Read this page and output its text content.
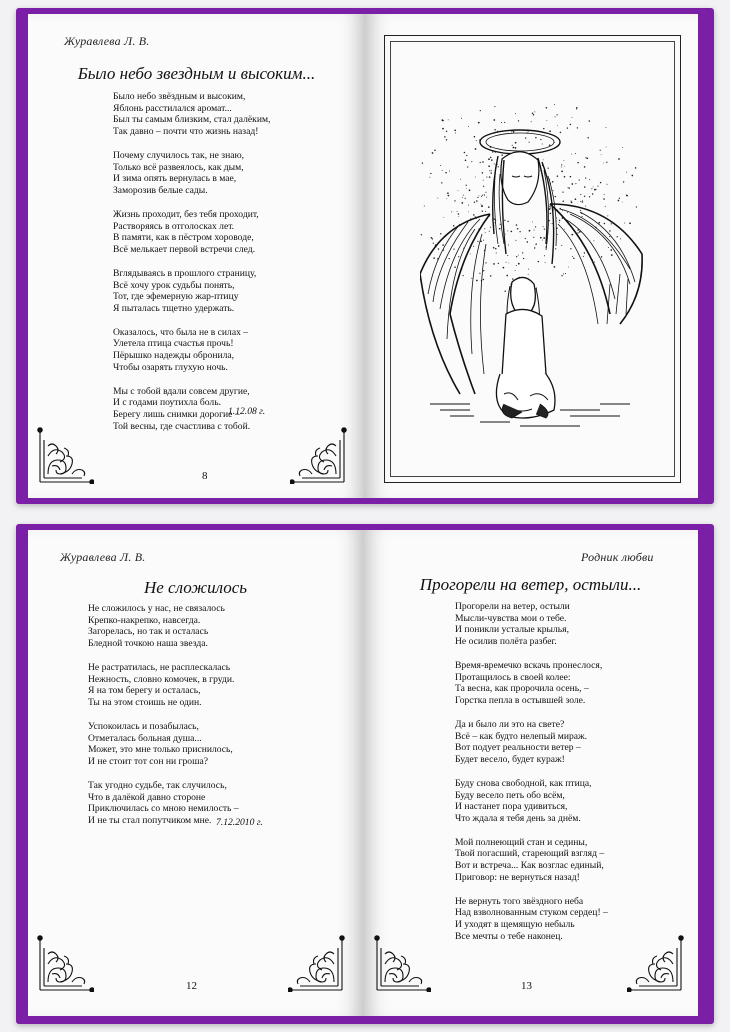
Журавлева Л. В.
Было небо звездным и высоким...
Было небо звёздным и высоким,
Яблонь расстилался аромат...
Был ты самым близким, стал далёким,
Так давно – почти что жизнь назад!
Почему случилось так, не знаю,
Только всё развеялось, как дым,
И зима опять вернулась в мае,
Заморозив белые сады.
Жизнь проходит, без тебя проходит,
Растворяясь в отголосках лет.
В памяти, как в пёстром хороводе,
Всё мелькает первой встречи след.
Вглядываясь в прошлого страницу,
Всё хочу урок судьбы понять,
Тот, где эфемерную жар-птицу
Я пыталась тщетно удержать.
Оказалось, что была не в силах –
Улетела птица счастья прочь!
Пёрышко надежды обронила,
Чтобы озарять глухую ночь.
Мы с тобой вдали совсем другие,
И с годами поутихла боль.
Берегу лишь снимки дорогие –
Той весны, где счастлива с тобой.
1.12.08 г.
8
Журавлева Л. В.
Не сложилось
Не сложилось у нас, не связалось
Крепко-накрепко, навсегда.
Загорелась, но так и осталась
Бледной точкою наша звезда.
Не растратилась, не расплескалась
Нежность, словно комочек, в груди.
Я на том берегу и осталась,
Ты на этом стоишь не один.
Успокоилась и позабылась,
Отметалась больная душа...
Может, это мне только приснилось,
И не стоит тот сон ни гроша?
Так угодно судьбе, так случилось,
Что в далёкой давно стороне
Приключилась со мною немилость –
И не ты стал попутчиком мне. 7.12.2010 г.
12
Родник любви
Прогорели на ветер, остыли...
Прогорели на ветер, остыли
Мысли-чувства мои о тебе.
И поникли усталые крылья,
Не осилив полёта разбег.
Время-времечко вскачь пронеслося,
Протащилось в своей колее:
Та весна, как пророчила осень, –
Горстка пепла в остывшей золе.
Да и было ли это на свете?
Всё – как будто нелепый мираж.
Вот подует реальности ветер –
Будет весело, будет кураж!
Буду снова свободной, как птица,
Буду весело петь обо всём,
И настанет пора удивиться,
Что ждала я тебя день за днём.
Мой полнеющий стан и седины,
Твой погасший, стареющий взгляд –
Вот и встреча... Как возглас единый,
Приговор: не вернуться назад!
Не вернуть того звёздного неба
Над взволнованным стуком сердец! –
И уходят в щемящую небыль
Все мечты о тебе наконец.
13
